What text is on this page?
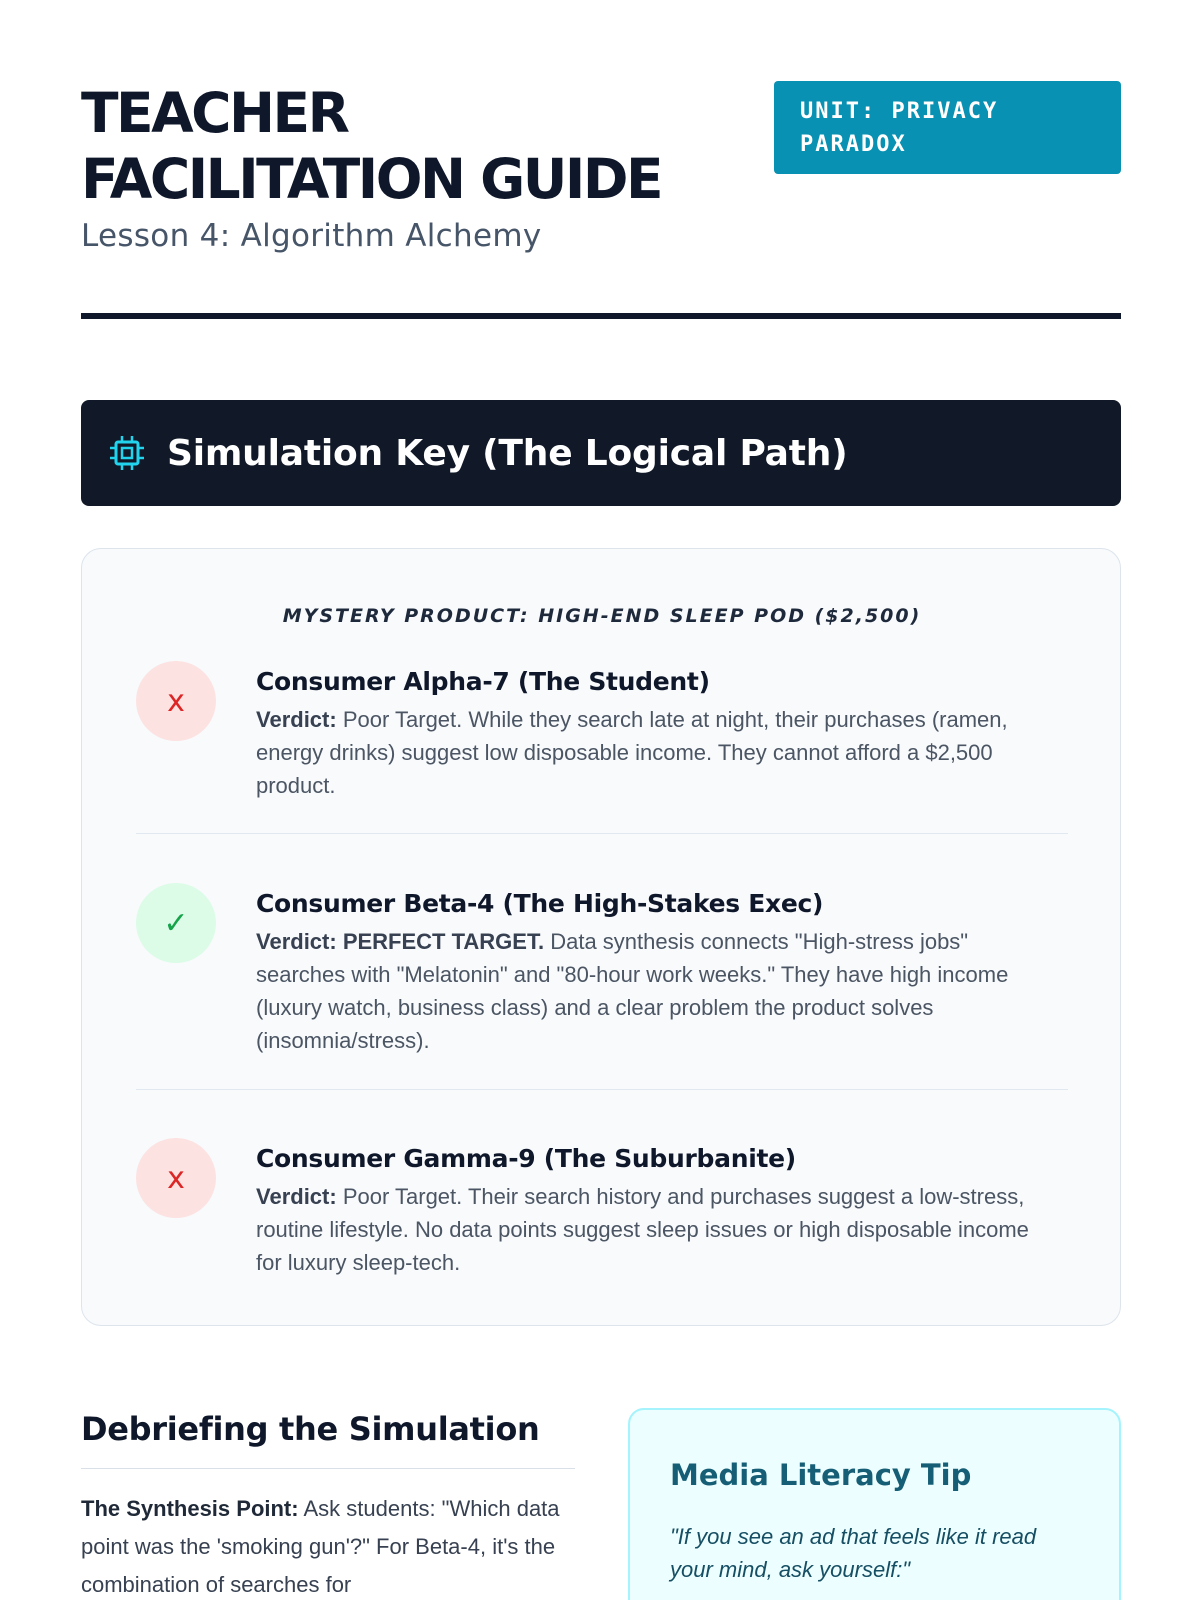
TEACHER FACILITATION GUIDE
Lesson 4: Algorithm Alchemy
UNIT: PRIVACY PARADOX
Simulation Key (The Logical Path)
MYSTERY PRODUCT: HIGH-END SLEEP POD ($2,500)
x
Consumer Alpha-7 (The Student)

Verdict: Poor Target. While they search late at night, their purchases (ramen, energy drinks) suggest low disposable income. They cannot afford a $2,500 product.

✓
Consumer Beta-4 (The High-Stakes Exec)

Verdict: PERFECT TARGET. Data synthesis connects "High-stress jobs" searches with "Melatonin" and "80-hour work weeks." They have high income (luxury watch, business class) and a clear problem the product solves (insomnia/stress).

x
Consumer Gamma-9 (The Suburbanite)

Verdict: Poor Target. Their search history and purchases suggest a low-stress, routine lifestyle. No data points suggest sleep issues or high disposable income for luxury sleep-tech.

Debriefing the Simulation

The Synthesis Point: Ask students: "Which data point was the 'smoking gun'?" For Beta-4, it's the combination of searches for

Media Literacy Tip

"If you see an ad that feels like it read your mind, ask yourself:"
